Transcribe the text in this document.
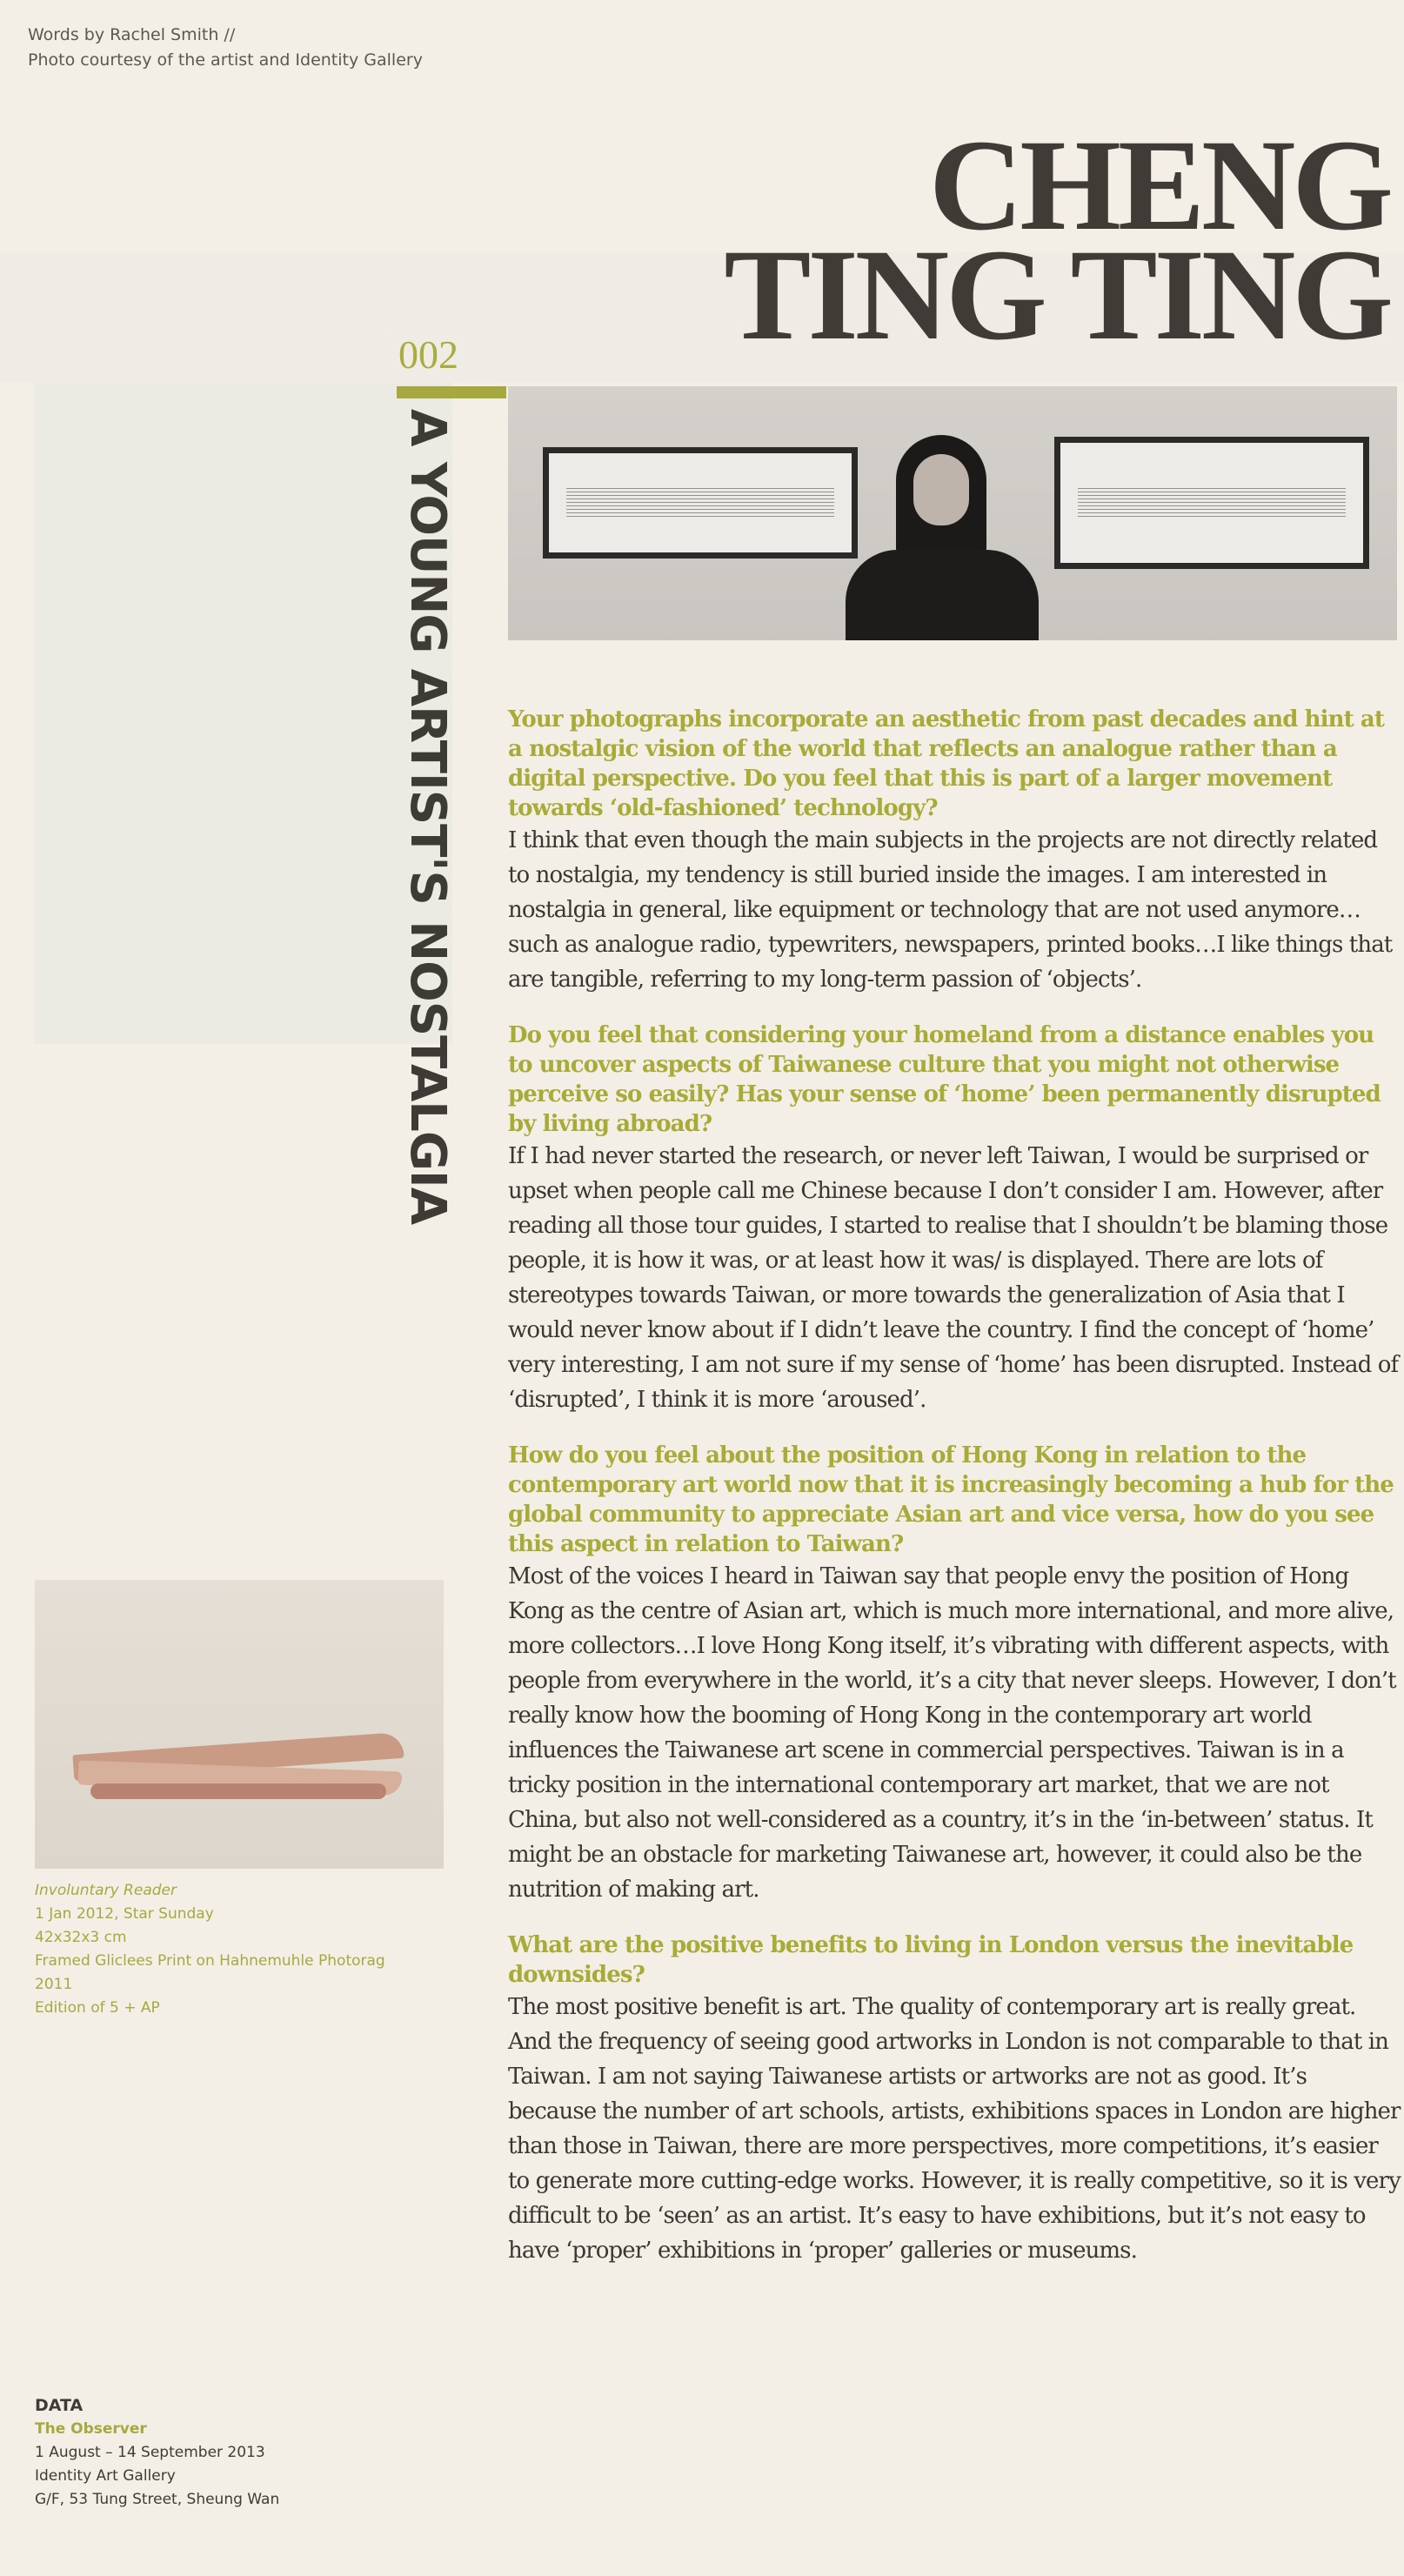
Words by Rachel Smith //
Photo courtesy of the artist and Identity Gallery
CHENG
TING TING
002
A YOUNG ARTIST'S NOSTALGIA Your photographs incorporate an aesthetic from past decades and hint at a nostalgic vision of the world that reflects an analogue rather than a digital perspective. Do you feel that this is part of a larger movement towards ‘old-fashioned’ technology?

I think that even though the main subjects in the projects are not directly related to nostalgia, my tendency is still buried inside the images. I am interested in nostalgia in general, like equipment or technology that are not used anymore…such as analogue radio, typewriters, newspapers, printed books…I like things that are tangible, referring to my long-term passion of ‘objects’.

Do you feel that considering your homeland from a distance enables you to uncover aspects of Taiwanese culture that you might not otherwise perceive so easily? Has your sense of ‘home’ been permanently disrupted by living abroad?

If I had never started the research, or never left Taiwan, I would be surprised or upset when people call me Chinese because I don’t consider I am. However, after reading all those tour guides, I started to realise that I shouldn’t be blaming those people, it is how it was, or at least how it was/ is displayed. There are lots of stereotypes towards Taiwan, or more towards the generalization of Asia that I would never know about if I didn’t leave the country. I find the concept of ‘home’ very interesting, I am not sure if my sense of ‘home’ has been disrupted. Instead of ‘disrupted’, I think it is more ‘aroused’.

How do you feel about the position of Hong Kong in relation to the contemporary art world now that it is increasingly becoming a hub for the global community to appreciate Asian art and vice versa, how do you see this aspect in relation to Taiwan?

Most of the voices I heard in Taiwan say that people envy the position of Hong Kong as the centre of Asian art, which is much more international, and more alive, more collectors…I love Hong Kong itself, it’s vibrating with different aspects, with people from everywhere in the world, it’s a city that never sleeps. However, I don’t really know how the booming of Hong Kong in the contemporary art world influences the Taiwanese art scene in commercial perspectives. Taiwan is in a tricky position in the international contemporary art market, that we are not China, but also not well-considered as a country, it’s in the ‘in-between’ status. It might be an obstacle for marketing Taiwanese art, however, it could also be the nutrition of making art.

What are the positive benefits to living in London versus the inevitable downsides?

The most positive benefit is art. The quality of contemporary art is really great. And the frequency of seeing good artworks in London is not comparable to that in Taiwan. I am not saying Taiwanese artists or artworks are not as good. It’s because the number of art schools, artists, exhibitions spaces in London are higher than those in Taiwan, there are more perspectives, more competitions, it’s easier to generate more cutting-edge works. However, it is really competitive, so it is very difficult to be ‘seen’ as an artist. It’s easy to have exhibitions, but it’s not easy to have ‘proper’ exhibitions in ‘proper’ galleries or museums.

Involuntary Reader
1 Jan 2012, Star Sunday
42x32x3 cm
Framed Gliclees Print on Hahnemuhle Photorag
2011
Edition of 5 + AP
DATA
The Observer
1 August – 14 September 2013
Identity Art Gallery
G/F, 53 Tung Street, Sheung Wan
